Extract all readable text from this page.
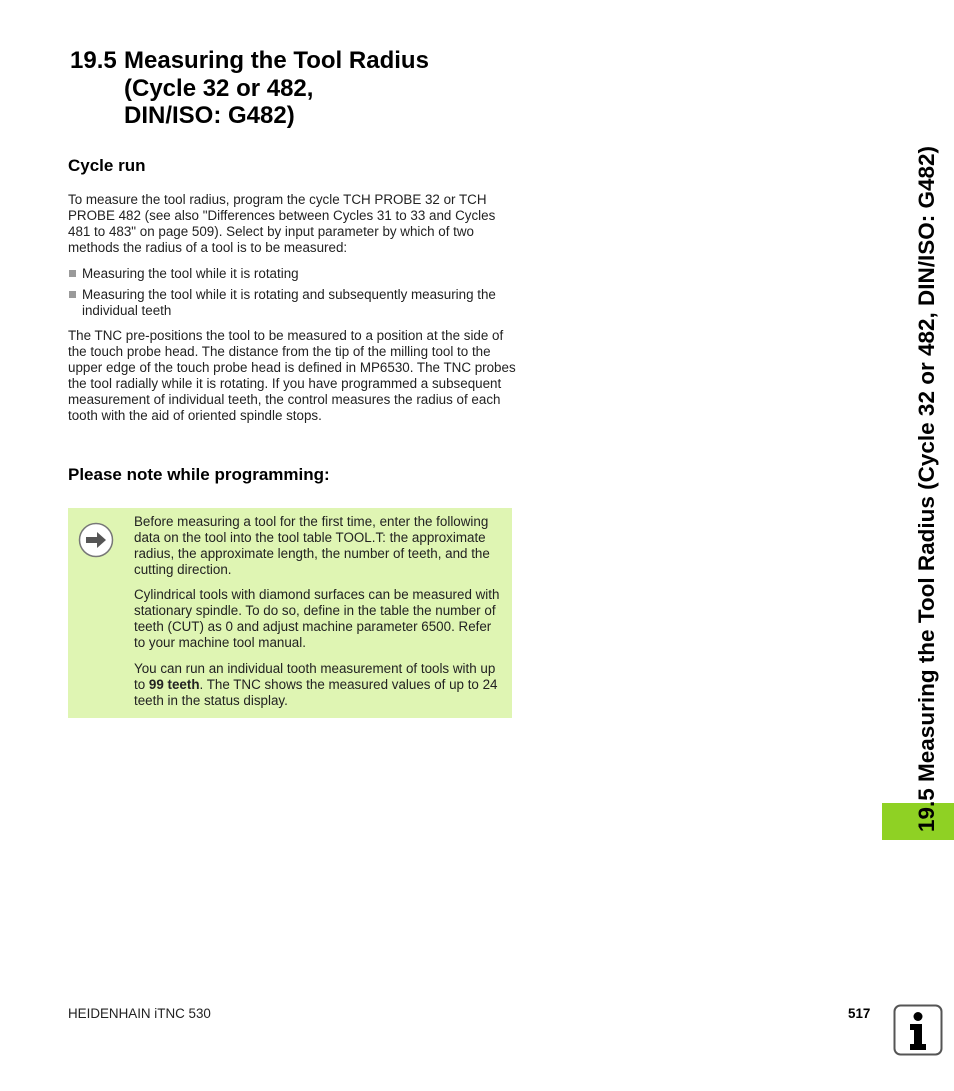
19.5 Measuring the Tool Radius
(Cycle 32 or 482,
DIN/ISO: G482)
Cycle run

To measure the tool radius, program the cycle TCH PROBE 32 or TCH PROBE 482 (see also "Differences between Cycles 31 to 33 and Cycles 481 to 483" on page 509). Select by input parameter by which of two methods the radius of a tool is to be measured:

Measuring the tool while it is rotating
Measuring the tool while it is rotating and subsequently measuring the individual teeth

The TNC pre-positions the tool to be measured to a position at the side of the touch probe head. The distance from the tip of the milling tool to the upper edge of the touch probe head is defined in MP6530. The TNC probes the tool radially while it is rotating. If you have programmed a subsequent measurement of individual teeth, the control measures the radius of each tooth with the aid of oriented spindle stops.

Please note while programming:

Before measuring a tool for the first time, enter the following data on the tool into the tool table TOOL.T: the approximate radius, the approximate length, the number of teeth, and the cutting direction.

Cylindrical tools with diamond surfaces can be measured with stationary spindle. To do so, define in the table the number of teeth (CUT) as 0 and adjust machine parameter 6500. Refer to your machine tool manual.

You can run an individual tooth measurement of tools with up to 99 teeth. The TNC shows the measured values of up to 24 teeth in the status display.	19.5 Measuring the Tool Radius (Cycle 32 or 482, DIN/ISO: G482)
HEIDENHAIN iTNC 530	517
